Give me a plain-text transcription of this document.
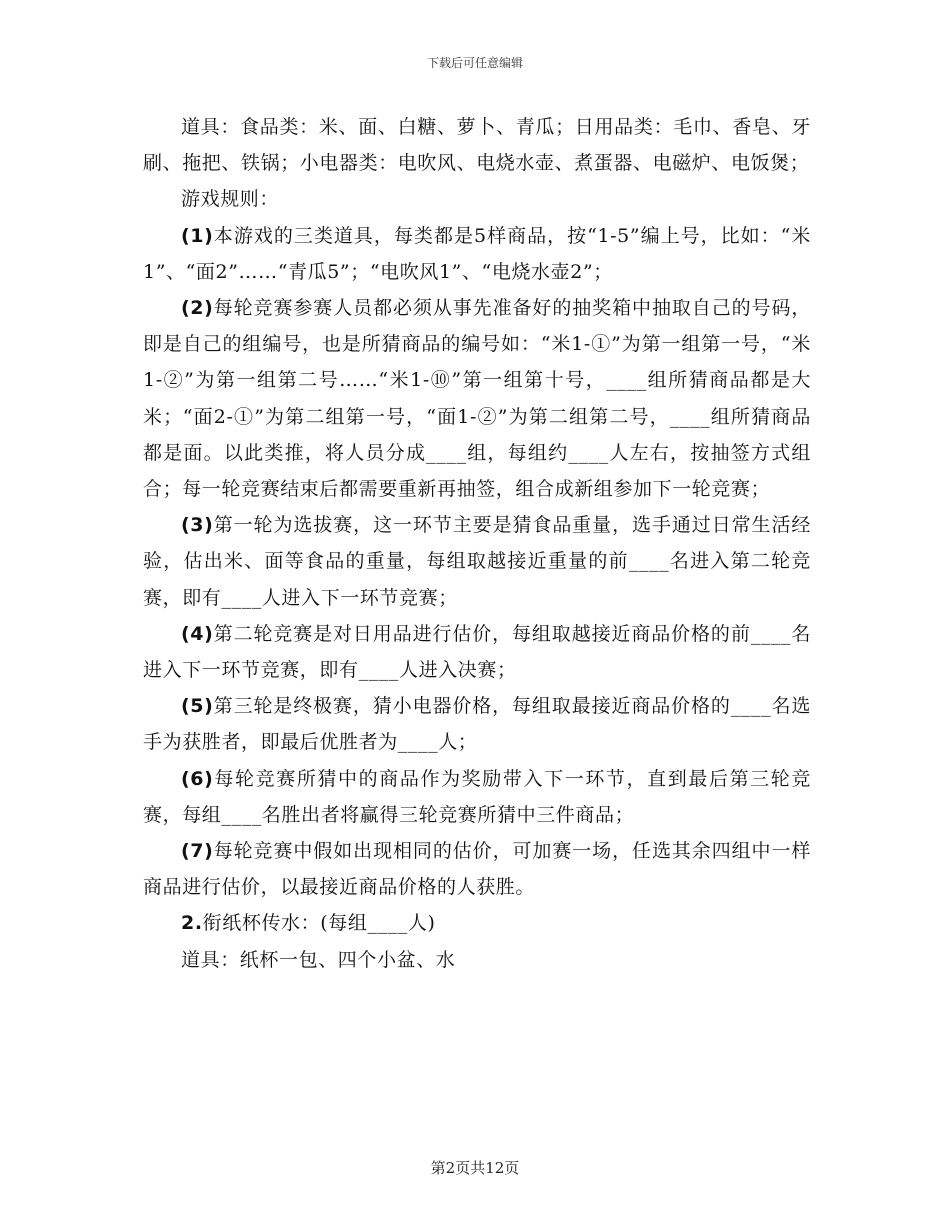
下载后可任意编辑

道具：食品类：米、面、白糖、萝卜、青瓜；日用品类：毛巾、香皂、牙刷、拖把、铁锅；小电器类：电吹风、电烧水壶、煮蛋器、电磁炉、电饭煲；

游戏规则：

(1)本游戏的三类道具，每类都是5样商品，按“1-5”编上号，比如：“米1”、“面2”……“青瓜5”；“电吹风1”、“电烧水壶2”；

(2)每轮竞赛参赛人员都必须从事先准备好的抽奖箱中抽取自己的号码，即是自己的组编号，也是所猜商品的编号如：“米1-①”为第一组第一号，“米1-②”为第一组第二号……“米1-⑩”第一组第十号，____组所猜商品都是大米；“面2-①”为第二组第一号，“面1-②”为第二组第二号，____组所猜商品都是面。以此类推，将人员分成____组，每组约____人左右，按抽签方式组合；每一轮竞赛结束后都需要重新再抽签，组合成新组参加下一轮竞赛；

(3)第一轮为选拔赛，这一环节主要是猜食品重量，选手通过日常生活经验，估出米、面等食品的重量，每组取越接近重量的前____名进入第二轮竞赛，即有____人进入下一环节竞赛；

(4)第二轮竞赛是对日用品进行估价，每组取越接近商品价格的前____名进入下一环节竞赛，即有____人进入决赛；

(5)第三轮是终极赛，猜小电器价格，每组取最接近商品价格的____名选手为获胜者，即最后优胜者为____人；

(6)每轮竞赛所猜中的商品作为奖励带入下一环节，直到最后第三轮竞赛，每组____名胜出者将赢得三轮竞赛所猜中三件商品；

(7)每轮竞赛中假如出现相同的估价，可加赛一场，任选其余四组中一样商品进行估价，以最接近商品价格的人获胜。

2.衔纸杯传水：(每组____人)

道具：纸杯一包、四个小盆、水

第2页共12页
